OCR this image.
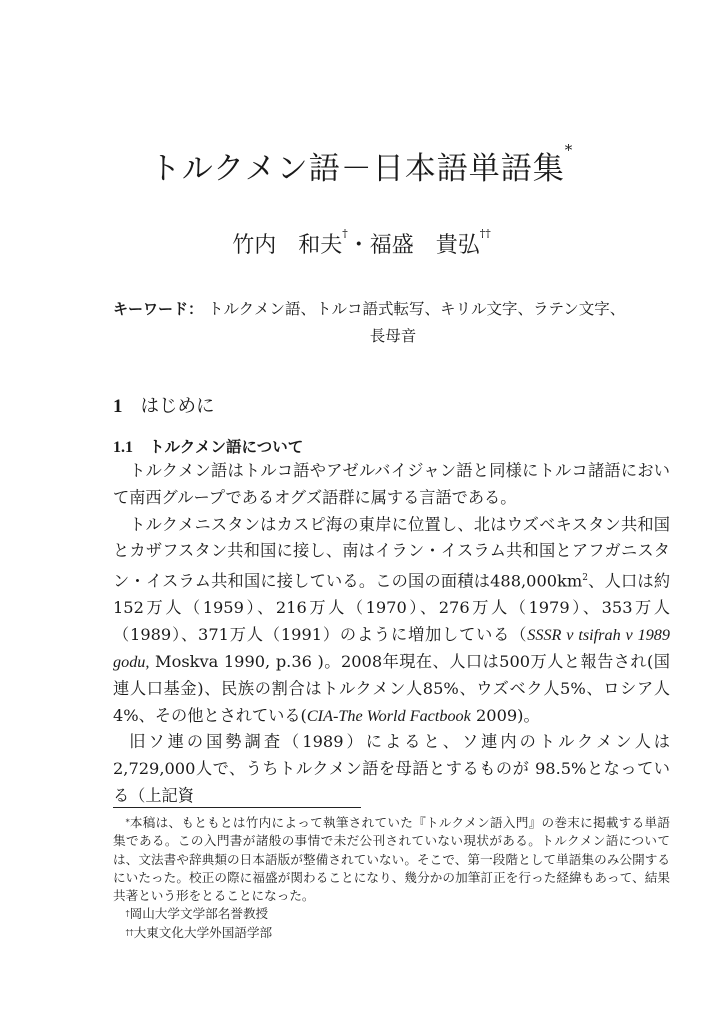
トルクメン語－日本語単語集*
竹内　和夫†・福盛　貴弘††
キーワード： トルクメン語、トルコ語式転写、キリル文字、ラテン文字、
長母音
1 はじめに
1.1 トルクメン語について

トルクメン語はトルコ語やアゼルバイジャン語と同様にトルコ諸語において南西グループであるオグズ語群に属する言語である。

トルクメニスタンはカスピ海の東岸に位置し、北はウズベキスタン共和国とカザフスタン共和国に接し、南はイラン・イスラム共和国とアフガニスタン・イスラム共和国に接している。この国の面積は$488,000km^2$、人口は約152万人（1959）、216万人（1970）、276万人（1979）、353万人（1989）、371万人（1991）のように増加している（SSSR v tsifrah v 1989 godu, Moskva 1990, p.36 )。2008年現在、人口は500万人と報告され(国連人口基金)、民族の割合はトルクメン人85%、ウズベク人5%、ロシア人4%、その他とされている(CIA-The World Factbook 2009)。

旧ソ連の国勢調査（1989）によると、ソ連内のトルクメン人は2,729,000人で、うちトルクメン語を母語とするものが 98.5%となっている（上記資

*本稿は、もともとは竹内によって執筆されていた『トルクメン語入門』の巻末に掲載する単語集である。この入門書が諸般の事情で未だ公刊されていない現状がある。トルクメン語については、文法書や辞典類の日本語版が整備されていない。そこで、第一段階として単語集のみ公開するにいたった。校正の際に福盛が関わることになり、幾分かの加筆訂正を行った経緯もあって、結果共著という形をとることになった。

†岡山大学文学部名誉教授

††大東文化大学外国語学部
